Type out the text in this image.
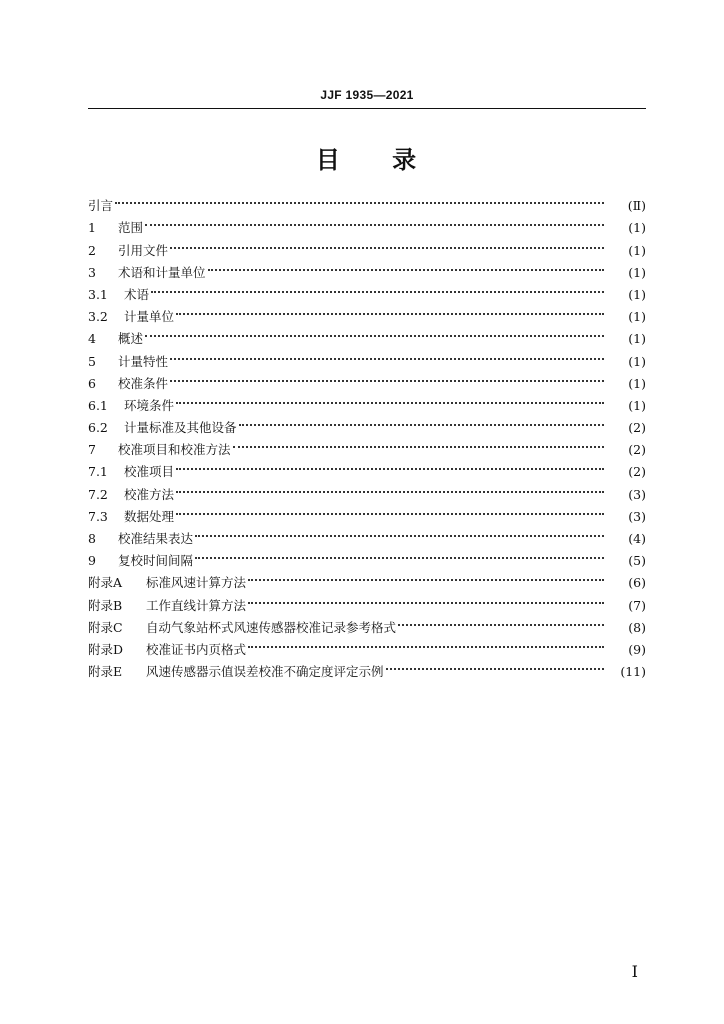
JJF 1935—2021
目 录
引言	(Ⅱ)
1	范围	(1)
2	引用文件	(1)
3	术语和计量单位	(1)
3.1	术语	(1)
3.2	计量单位	(1)
4	概述	(1)
5	计量特性	(1)
6	校准条件	(1)
6.1	环境条件	(1)
6.2	计量标准及其他设备	(2)
7	校准项目和校准方法	(2)
7.1	校准项目	(2)
7.2	校准方法	(3)
7.3	数据处理	(3)
8	校准结果表达	(4)
9	复校时间间隔	(5)
附录A	标准风速计算方法	(6)
附录B	工作直线计算方法	(7)
附录C	自动气象站杯式风速传感器校准记录参考格式	(8)
附录D	校准证书内页格式	(9)
附录E	风速传感器示值误差校准不确定度评定示例	(11)
Ⅰ
